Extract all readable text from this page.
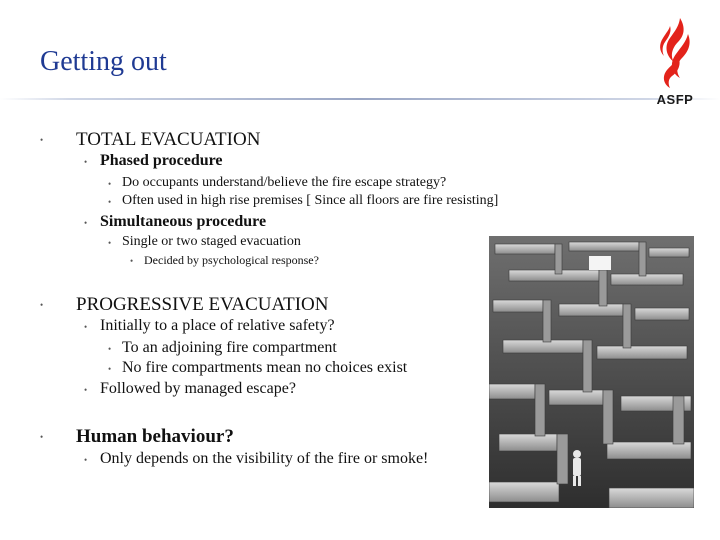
Getting out
ASFP
• TOTAL EVACUATION
• Phased procedure
• Do occupants understand/believe the fire escape strategy?
• Often used in high rise premises [ Since all floors are fire resisting]
• Simultaneous procedure
• Single or two staged evacuation
• Decided by psychological response?
• PROGRESSIVE EVACUATION
• Initially to a place of relative safety?
• To an adjoining fire compartment
• No fire compartments mean no choices exist
• Followed by managed escape?
• Human behaviour?
• Only depends on the visibility of the fire or smoke!
